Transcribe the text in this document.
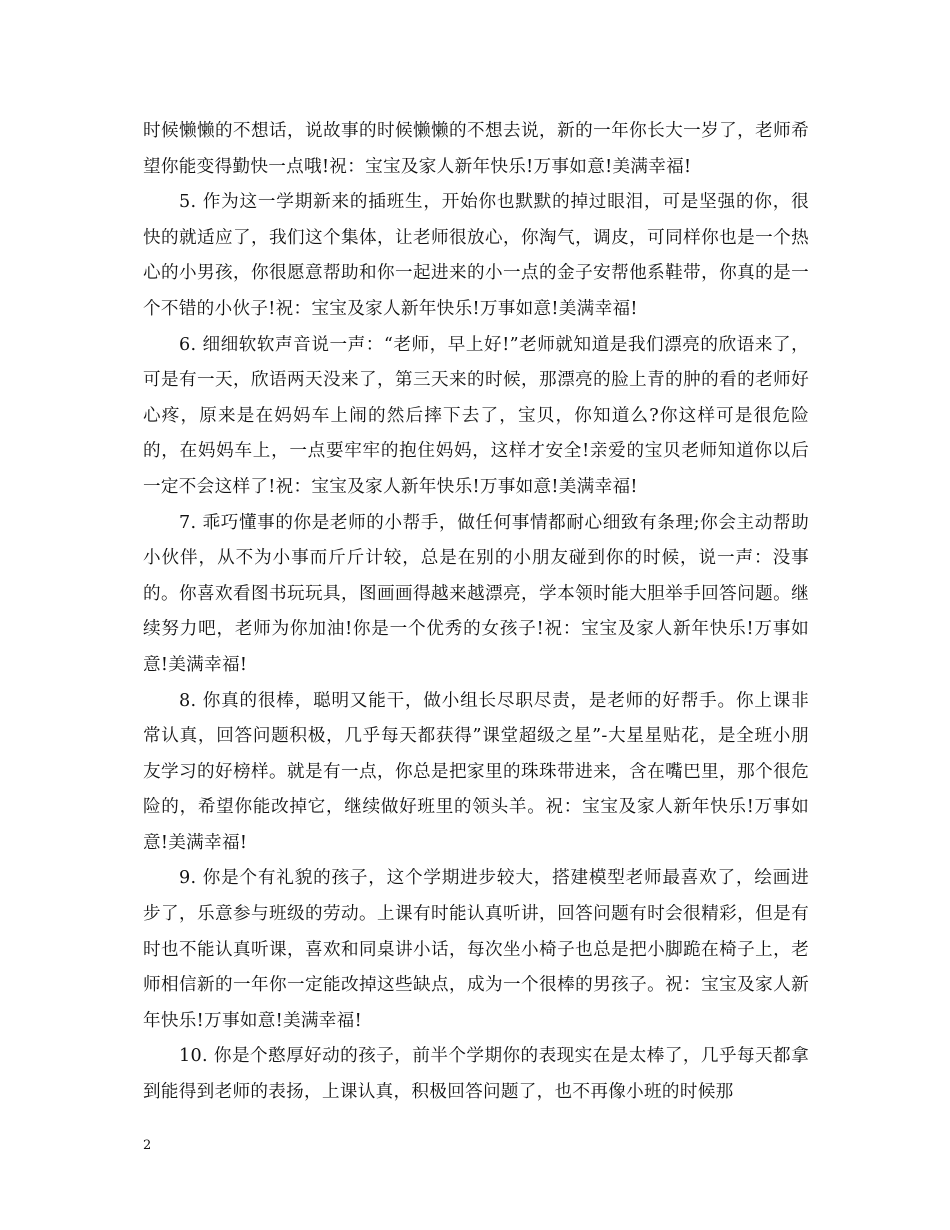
时候懒懒的不想话，说故事的时候懒懒的不想去说，新的一年你长大一岁了，老师希望你能变得勤快一点哦!祝：宝宝及家人新年快乐!万事如意!美满幸福!

5. 作为这一学期新来的插班生，开始你也默默的掉过眼泪，可是坚强的你，很快的就适应了，我们这个集体，让老师很放心，你淘气，调皮，可同样你也是一个热心的小男孩，你很愿意帮助和你一起进来的小一点的金子安帮他系鞋带，你真的是一个不错的小伙子!祝：宝宝及家人新年快乐!万事如意!美满幸福!

6. 细细软软声音说一声：“老师，早上好!”老师就知道是我们漂亮的欣语来了，可是有一天，欣语两天没来了，第三天来的时候，那漂亮的脸上青的肿的看的老师好心疼，原来是在妈妈车上闹的然后摔下去了，宝贝，你知道么?你这样可是很危险的，在妈妈车上，一点要牢牢的抱住妈妈，这样才安全!亲爱的宝贝老师知道你以后一定不会这样了!祝：宝宝及家人新年快乐!万事如意!美满幸福!

7. 乖巧懂事的你是老师的小帮手，做任何事情都耐心细致有条理;你会主动帮助小伙伴，从不为小事而斤斤计较，总是在别的小朋友碰到你的时候，说一声：没事的。你喜欢看图书玩玩具，图画画得越来越漂亮，学本领时能大胆举手回答问题。继续努力吧，老师为你加油!你是一个优秀的女孩子!祝：宝宝及家人新年快乐!万事如意!美满幸福!

8. 你真的很棒，聪明又能干，做小组长尽职尽责，是老师的好帮手。你上课非常认真，回答问题积极，几乎每天都获得”课堂超级之星”-大星星贴花，是全班小朋友学习的好榜样。就是有一点，你总是把家里的珠珠带进来，含在嘴巴里，那个很危险的，希望你能改掉它，继续做好班里的领头羊。祝：宝宝及家人新年快乐!万事如意!美满幸福!

9. 你是个有礼貌的孩子，这个学期进步较大，搭建模型老师最喜欢了，绘画进步了，乐意参与班级的劳动。上课有时能认真听讲，回答问题有时会很精彩，但是有时也不能认真听课，喜欢和同桌讲小话，每次坐小椅子也总是把小脚跪在椅子上，老师相信新的一年你一定能改掉这些缺点，成为一个很棒的男孩子。祝：宝宝及家人新年快乐!万事如意!美满幸福!

10. 你是个憨厚好动的孩子，前半个学期你的表现实在是太棒了，几乎每天都拿到能得到老师的表扬，上课认真，积极回答问题了，也不再像小班的时候那

2
